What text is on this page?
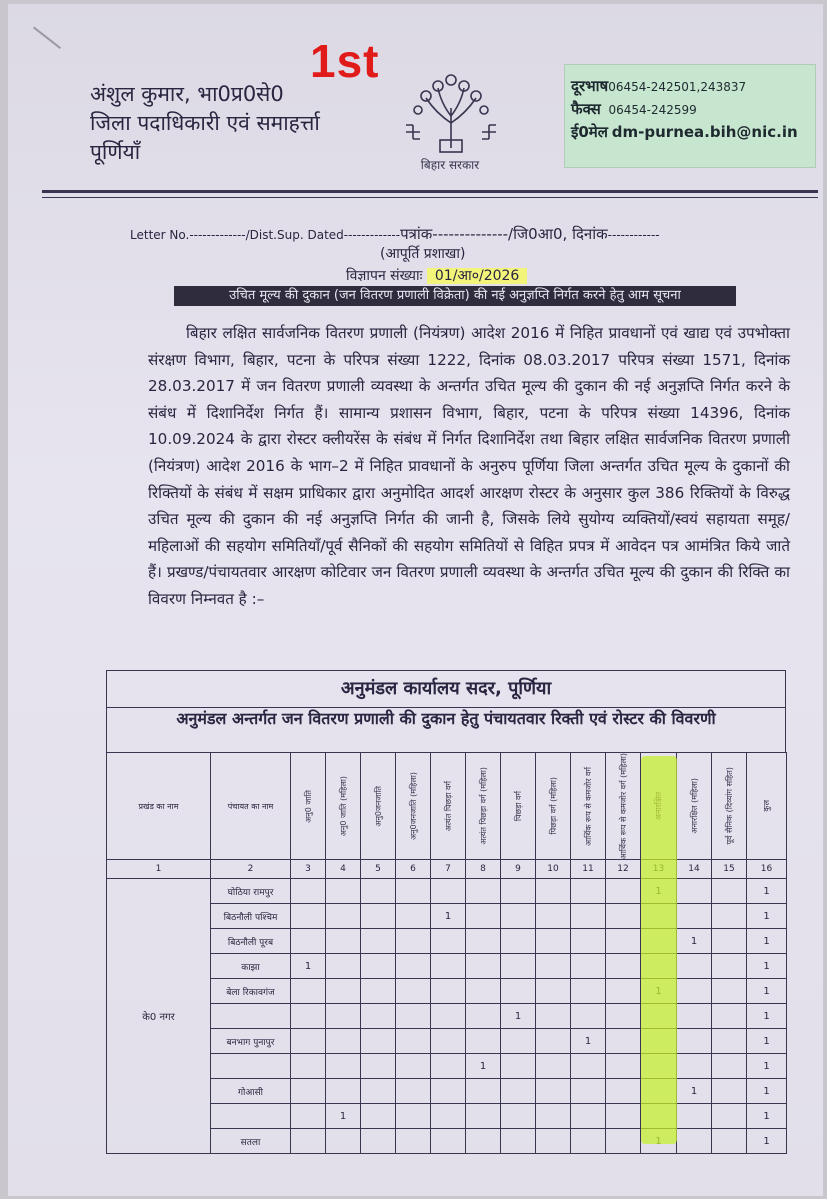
1st
अंशुल कुमार, भा0प्र0से0
जिला पदाधिकारी एवं समाहर्त्ता
पूर्णियाँ
बिहार सरकार
दूरभाष06454-242501,243837
फैक्स 06454-242599
ई0मेल dm-purnea.bih@nic.in
Letter No.-------------/Dist.Sup. Dated-------------पत्रांक--------------/जि0आ0, दिनांक------------
(आपूर्ति प्रशाखा)
विज्ञापन संख्याः 01/आ०/2026
उचित मूल्य की दुकान (जन वितरण प्रणाली विक्रेता) की नई अनुज्ञप्ति निर्गत करने हेतु आम सूचना

बिहार लक्षित सार्वजनिक वितरण प्रणाली (नियंत्रण) आदेश 2016 में निहित प्रावधानों एवं खाद्य एवं उपभोक्ता संरक्षण विभाग, बिहार, पटना के परिपत्र संख्या 1222, दिनांक 08.03.2017 परिपत्र संख्या 1571, दिनांक 28.03.2017 में जन वितरण प्रणाली व्यवस्था के अन्तर्गत उचित मूल्य की दुकान की नई अनुज्ञप्ति निर्गत करने के संबंध में दिशानिर्देश निर्गत हैं। सामान्य प्रशासन विभाग, बिहार, पटना के परिपत्र संख्या 14396, दिनांक 10.09.2024 के द्वारा रोस्टर क्लीयरेंस के संबंध में निर्गत दिशानिर्देश तथा बिहार लक्षित सार्वजनिक वितरण प्रणाली (नियंत्रण) आदेश 2016 के भाग–2 में निहित प्रावधानों के अनुरुप पूर्णिया जिला अन्तर्गत उचित मूल्य के दुकानों की रिक्तियों के संबंध में सक्षम प्राधिकार द्वारा अनुमोदित आदर्श आरक्षण रोस्टर के अनुसार कुल 386 रिक्तियों के विरुद्ध उचित मूल्य की दुकान की नई अनुज्ञप्ति निर्गत की जानी है, जिसके लिये सुयोग्य व्यक्तियों/स्वयं सहायता समूह/महिलाओं की सहयोग समितियाँ/पूर्व सैनिकों की सहयोग समितियों से विहित प्रपत्र में आवेदन पत्र आमंत्रित किये जाते हैं। प्रखण्ड/पंचायतवार आरक्षण कोटिवार जन वितरण प्रणाली व्यवस्था के अन्तर्गत उचित मूल्य की दुकान की रिक्ति का विवरण निम्नवत है :–

अनुमंडल कार्यालय सदर, पूर्णिया
अनुमंडल अन्तर्गत जन वितरण प्रणाली की दुकान हेतु पंचायतवार रिक्ती एवं रोस्टर की विवरणी
प्रखंड का नाम	पंचायत का नाम	अनु0 जाति	अनु0 जाति (महिला)	अनु0जनजाति	अनु0जनजाति (महिला)	अत्यंत पिछड़ा वर्ग	अत्यंत पिछड़ा वर्ग (महिला)	पिछड़ा वर्ग	पिछड़ा वर्ग (महिला)	आर्थिक रूप से कमजोर वर्ग	आर्थिक रूप से कमजोर वर्ग (महिला)		अनारक्षित (महिला)	पूर्व सैनिक (दिव्यांग सहित)	कुल

1	2	3	4	5	6	7	8	9	10	11	12		14	15	16
के0 नगर	घोठिया रामपुर														1
	बिठनौली पश्चिम					1									1
	बिठनौली पूरब												1		1
	काझा	1													1
	बेला रिकावगंज														1
								1							1
	बनभाग पुनापुर									1					1
							1								1
	गोआसी												1		1
			1												1
	सतला														1
